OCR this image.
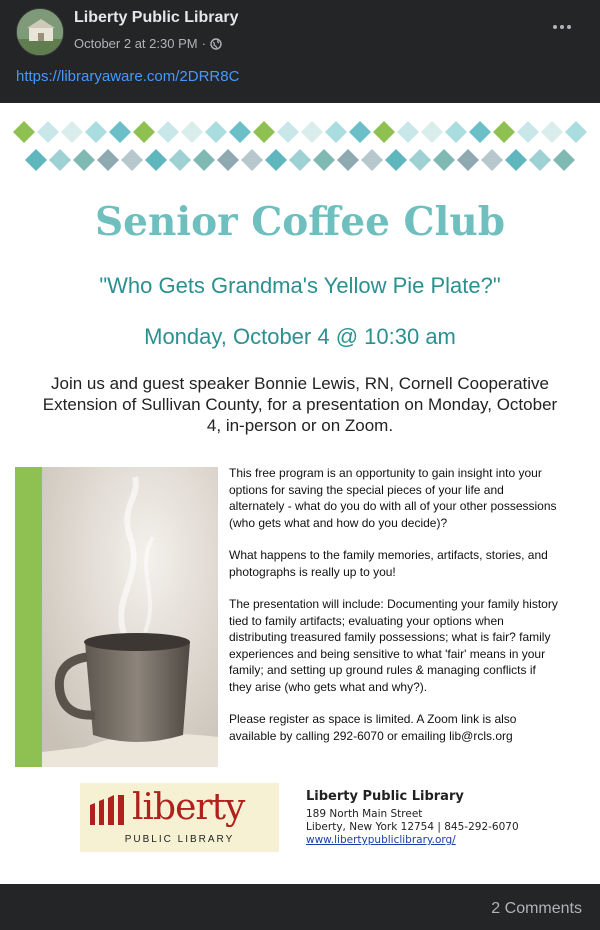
Liberty Public Library
October 2 at 2:30 PM ·
https://libraryaware.com/2DRR8C
Senior Coffee Club
"Who Gets Grandma's Yellow Pie Plate?"
Monday, October 4 @ 10:30 am
Join us and guest speaker Bonnie Lewis, RN, Cornell Cooperative Extension of Sullivan County, for a presentation on Monday, October 4, in-person or on Zoom.

This free program is an opportunity to gain insight into your options for saving the special pieces of your life and alternately - what do you do with all of your other possessions (who gets what and how do you decide)?

What happens to the family memories, artifacts, stories, and photographs is really up to you!

The presentation will include: Documenting your family history tied to family artifacts; evaluating your options when distributing treasured family possessions; what is fair? family experiences and being sensitive to what 'fair' means in your family; and setting up ground rules & managing conflicts if they arise (who gets what and why?).

Please register as space is limited. A Zoom link is also available by calling 292-6070 or emailing lib@rcls.org

liberty
PUBLIC LIBRARY
Liberty Public Library
189 North Main Street
Liberty, New York 12754 | 845-292-6070
www.libertypubliclibrary.org/
2 Comments
